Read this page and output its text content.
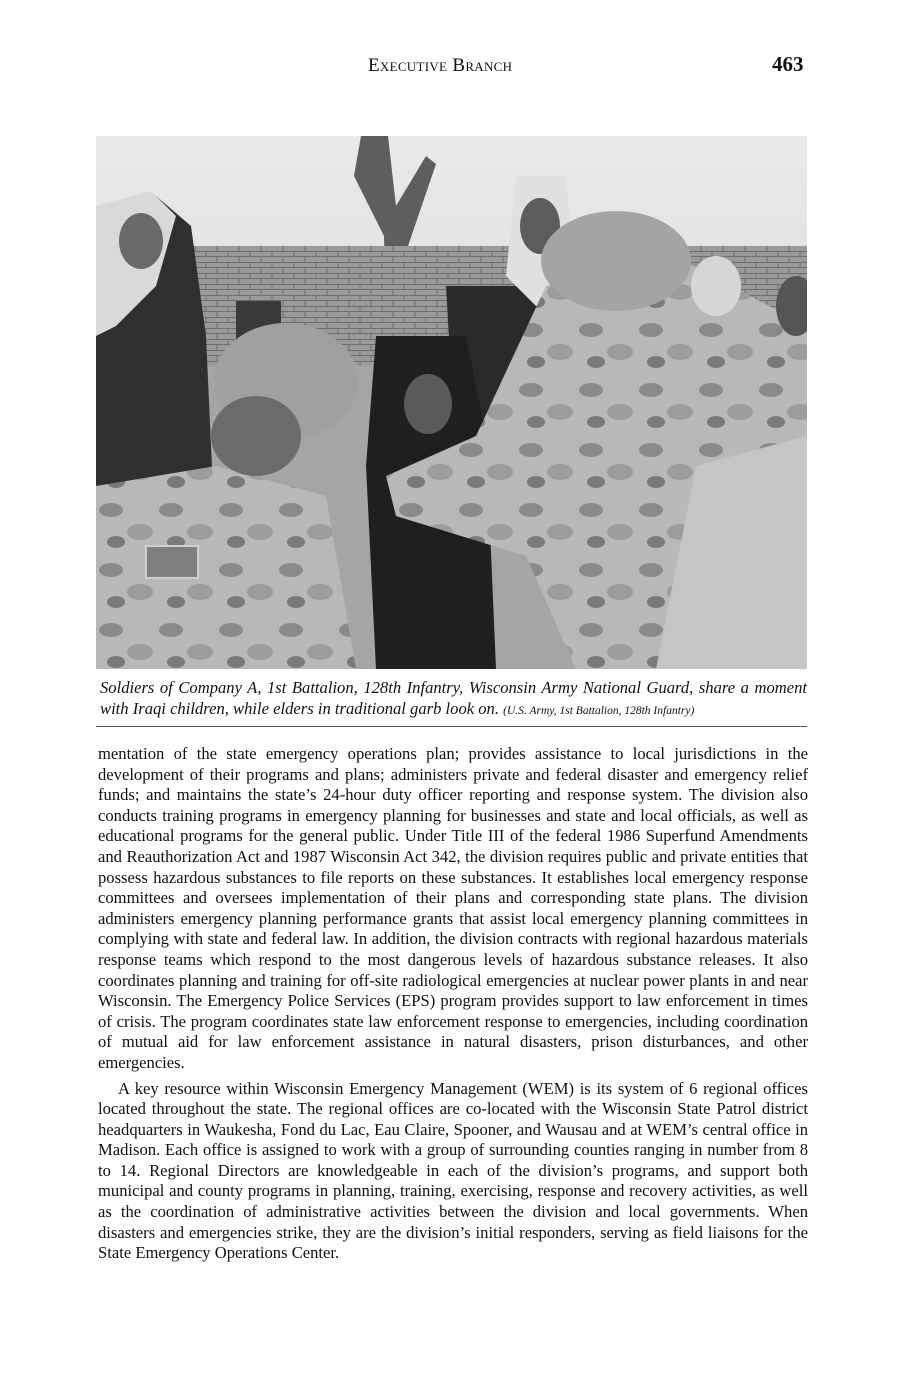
Executive Branch	463
Soldiers of Company A, 1st Battalion, 128th Infantry, Wisconsin Army National Guard, share a moment with Iraqi children, while elders in traditional garb look on. (U.S. Army, 1st Battalion, 128th Infantry)

mentation of the state emergency operations plan; provides assistance to local jurisdictions in the development of their programs and plans; administers private and federal disaster and emergency relief funds; and maintains the state’s 24-hour duty officer reporting and response system. The division also conducts training programs in emergency planning for businesses and state and local officials, as well as educational programs for the general public. Under Title III of the federal 1986 Superfund Amendments and Reauthorization Act and 1987 Wisconsin Act 342, the division requires public and private entities that possess hazardous substances to file reports on these substances. It establishes local emergency response committees and oversees implementation of their plans and corresponding state plans. The division administers emergency planning performance grants that assist local emergency planning committees in complying with state and federal law. In addition, the division contracts with regional hazardous materials response teams which respond to the most dangerous levels of hazardous substance releases. It also coordinates planning and training for off-site radiological emergencies at nuclear power plants in and near Wisconsin. The Emergency Police Services (EPS) program provides support to law enforcement in times of crisis. The program coordinates state law enforcement response to emergencies, including coordination of mutual aid for law enforcement assistance in natural disasters, prison disturbances, and other emergencies.

A key resource within Wisconsin Emergency Management (WEM) is its system of 6 regional offices located throughout the state. The regional offices are co-located with the Wisconsin State Patrol district headquarters in Waukesha, Fond du Lac, Eau Claire, Spooner, and Wausau and at WEM’s central office in Madison. Each office is assigned to work with a group of surrounding counties ranging in number from 8 to 14. Regional Directors are knowledgeable in each of the division’s programs, and support both municipal and county programs in planning, training, exercising, response and recovery activities, as well as the coordination of administrative activities between the division and local governments. When disasters and emergencies strike, they are the division’s initial responders, serving as field liaisons for the State Emergency Operations Center.
